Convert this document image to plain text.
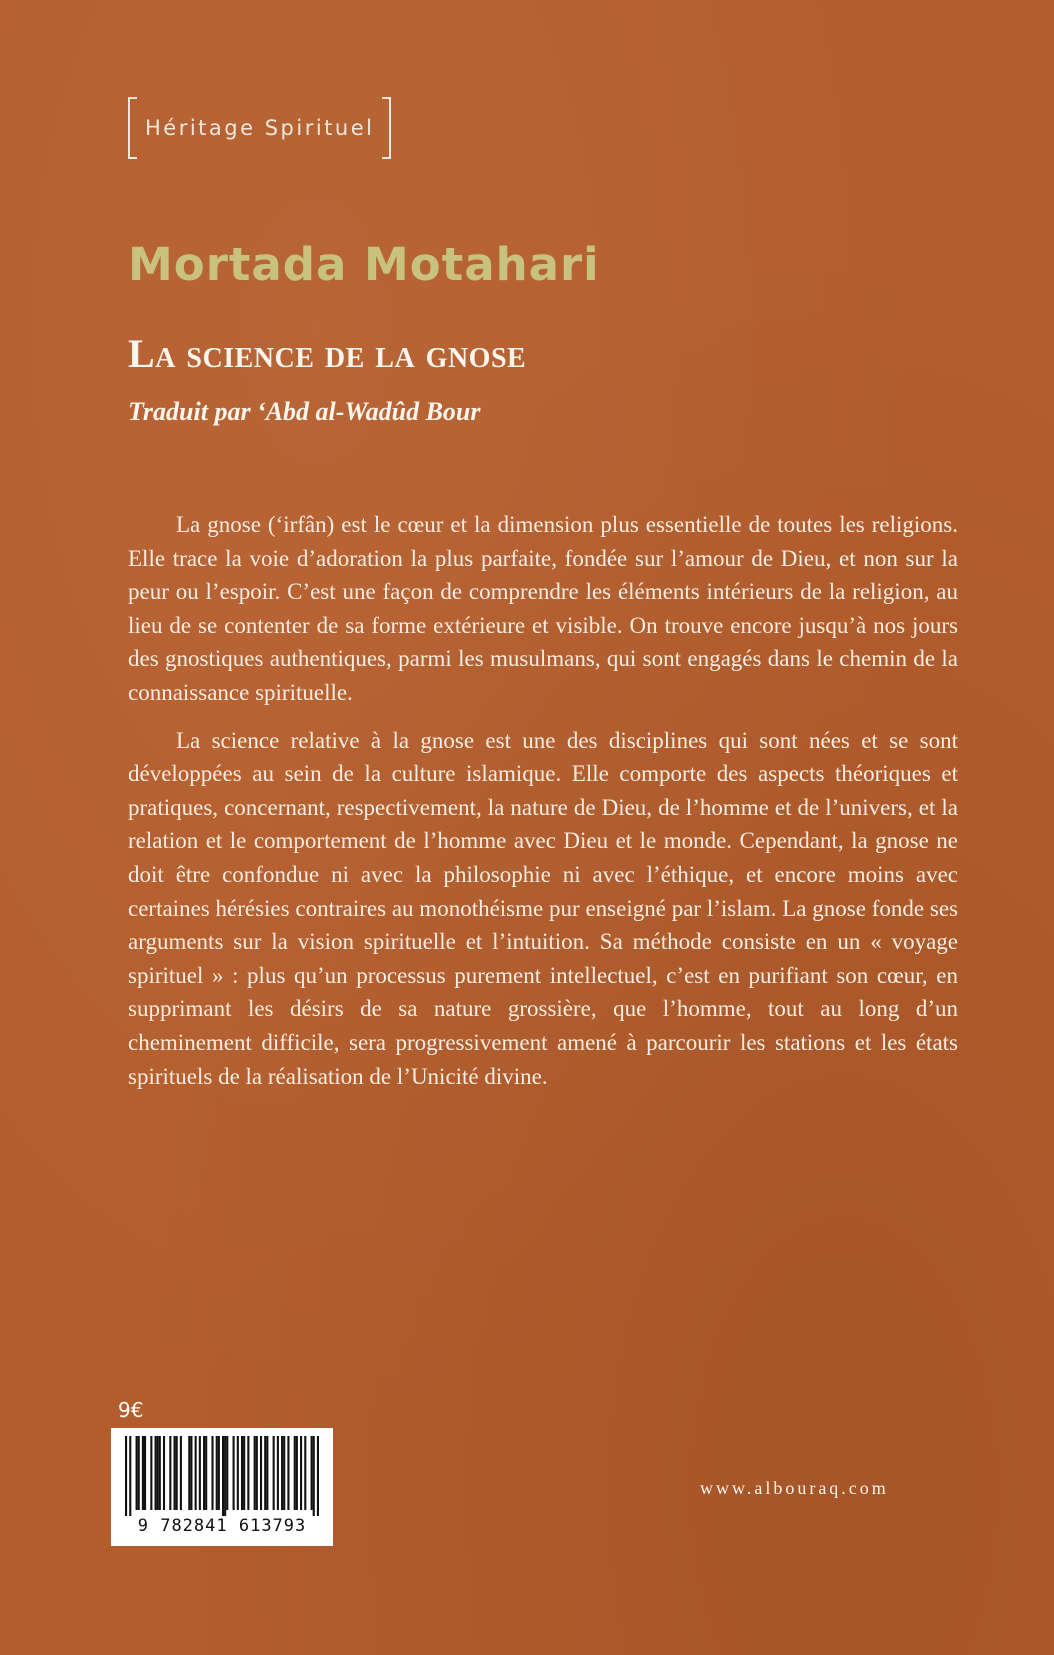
Héritage Spirituel
Mortada Motahari
La science de la gnose
Traduit par ‘Abd al-Wadûd Bour

La gnose (‘irfân) est le cœur et la dimension plus essentielle de toutes les religions. Elle trace la voie d’adoration la plus parfaite, fondée sur l’amour de Dieu, et non sur la peur ou l’espoir. C’est une façon de comprendre les éléments intérieurs de la religion, au lieu de se contenter de sa forme extérieure et visible. On trouve encore jusqu’à nos jours des gnostiques authentiques, parmi les musulmans, qui sont engagés dans le chemin de la connaissance spirituelle.

La science relative à la gnose est une des disciplines qui sont nées et se sont développées au sein de la culture islamique. Elle comporte des aspects théoriques et pratiques, concernant, respectivement, la nature de Dieu, de l’homme et de l’univers, et la relation et le comportement de l’homme avec Dieu et le monde. Cependant, la gnose ne doit être confondue ni avec la philosophie ni avec l’éthique, et encore moins avec certaines hérésies contraires au monothéisme pur enseigné par l’islam. La gnose fonde ses arguments sur la vision spirituelle et l’intuition. Sa méthode consiste en un « voyage spirituel » : plus qu’un processus purement intellectuel, c’est en purifiant son cœur, en supprimant les désirs de sa nature grossière, que l’homme, tout au long d’un cheminement difficile, sera progressivement amené à parcourir les stations et les états spirituels de la réalisation de l’Unicité divine.

9€
9 782841 613793
www.albouraq.com
